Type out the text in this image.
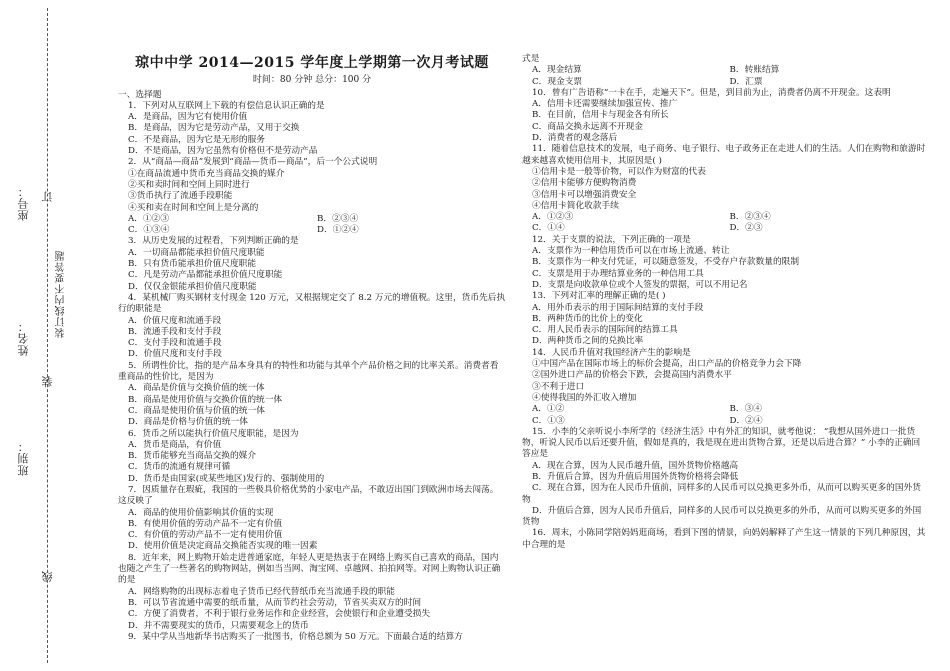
班别：
姓名：
座号： 订
装
线
装订线内不要答题
琼中中学 2014—2015 学年度上学期第一次月考试题
时间：80 分钟 总分：100 分
一、选择题
1．下列对从互联网上下载的有偿信息认识正确的是
A．是商品，因为它有使用价值
B．是商品，因为它是劳动产品，又用于交换
C．不是商品，因为它是无形的服务
D．不是商品，因为它虽然有价格但不是劳动产品
2．从“商品—商品”发展到“商品—货币—商品”，后一个公式说明
①在商品流通中货币充当商品交换的媒介
②买和卖时间和空间上同时进行
③货币执行了流通手段职能
④买和卖在时间和空间上是分离的
A．①②③	B．②③④
C．①③④	D．①②④
3．从历史发展的过程看，下列判断正确的是
A．一切商品都能承担价值尺度职能
B．只有货币能承担价值尺度职能
C．凡是劳动产品都能承担价值尺度职能
D．仅仅金银能承担价值尺度职能
4．某机械厂购买钢材支付现金 120 万元，又根据规定交了 8.2 万元的增值税。这里，货币先后执行的职能是
A．价值尺度和流通手段
B．流通手段和支付手段
C．支付手段和流通手段
D．价值尺度和支付手段
5．所谓性价比，指的是产品本身具有的特性和功能与其单个产品价格之间的比率关系。消费者看重商品的性价比，是因为
A．商品是价值与交换价值的统一体
B．商品是使用价值与交换价值的统一体
C．商品是使用价值与价值的统一体
D．商品是价格与价值的统一体
6．货币之所以能执行价值尺度职能，是因为
A．货币是商品，有价值
B．货币能够充当商品交换的媒介
C．货币的流通有规律可循
D．货币是由国家(或某些地区)发行的、强制使用的
7．因质量存在瑕疵，我国的一些极具价格优势的小家电产品，不敢迈出国门到欧洲市场去闯荡。这反映了
A．商品的使用价值影响其价值的实现
B．有使用价值的劳动产品不一定有价值
C．有价值的劳动产品不一定有使用价值
D．使用价值是决定商品交换能否实现的唯一因素
8．近年来，网上购物开始走进普通家庭，年轻人更是热衷于在网络上购买自己喜欢的商品，国内也随之产生了一些著名的购物网站，例如当当网、淘宝网、卓越网、拍拍网等。对网上购物认识正确的是
A．网络购物的出现标志着电子货币已经代替纸币充当流通手段的职能
B．可以节省流通中需要的纸币量，从而节约社会劳动，节省买卖双方的时间
C．方便了消费者，不利于银行业务运作和企业经营，会使银行和企业遭受损失
D．并不需要现实的货币，只需要观念上的货币
9．某中学从当地新华书店购买了一批图书，价格总额为 50 万元。下面最合适的结算方
式是
A．现金结算	B．转账结算
C．现金支票	D．汇票
10．曾有广告语称“一卡在手，走遍天下”。但是，到目前为止，消费者仍离不开现金。这表明
A．信用卡还需要继续加强宣传、推广
B．在目前，信用卡与现金各有所长
C．商品交换永远离不开现金
D．消费者的观念落后
11．随着信息技术的发展，电子商务、电子银行、电子政务正在走进人们的生活。人们在购物和旅游时越来越喜欢使用信用卡，其原因是( )
①信用卡是一般等价物，可以作为财富的代表
②信用卡能够方便购物消费
③信用卡可以增强消费安全
④信用卡简化收款手续
A．①②③	B．②③④
C．①④	D．②③
12．关于支票的说法，下列正确的一项是
A．支票作为一种信用货币可以在市场上流通、转让
B．支票作为一种支付凭证，可以随意签发，不受存户存款数量的限制
C．支票是用于办理结算业务的一种信用工具
D．支票是向收款单位或个人签发的票据，可以不用记名
13．下列对汇率的理解正确的是( )
A．用外币表示的用于国际间结算的支付手段
B．两种货币的比价上的变化
C．用人民币表示的国际间的结算工具
D．两种货币之间的兑换比率
14．人民币升值对我国经济产生的影响是
①中国产品在国际市场上的标价会提高，出口产品的价格竞争力会下降
②国外进口产品的价格会下跌，会提高国内消费水平
③不利于进口
④使得我国的外汇收入增加
A．①②	B．③④
C．①③	D．②④
15．小李的父亲听说小李所学的《经济生活》中有外汇的知识，就考他说： “我想从国外进口一批货物，听说人民币以后还要升值，假如是真的，我是现在进出货物合算，还是以后进合算？” 小李的正确回答应是
A．现在合算，因为人民币越升值，国外货物价格越高
B．升值后合算，因为升值后用国外货物价格将会降低
C．现在合算，因为在人民币升值前，同样多的人民币可以兑换更多外币，从而可以购买更多的国外货物
D．升值后合算，因为人民币升值后，同样多的人民币可以兑换更多的外币，从而可以购买更多的外国货物
16．周末，小陈同学陪妈妈逛商场，看到下图的情景，向妈妈解释了产生这一情景的下列几种原因，其中合理的是
